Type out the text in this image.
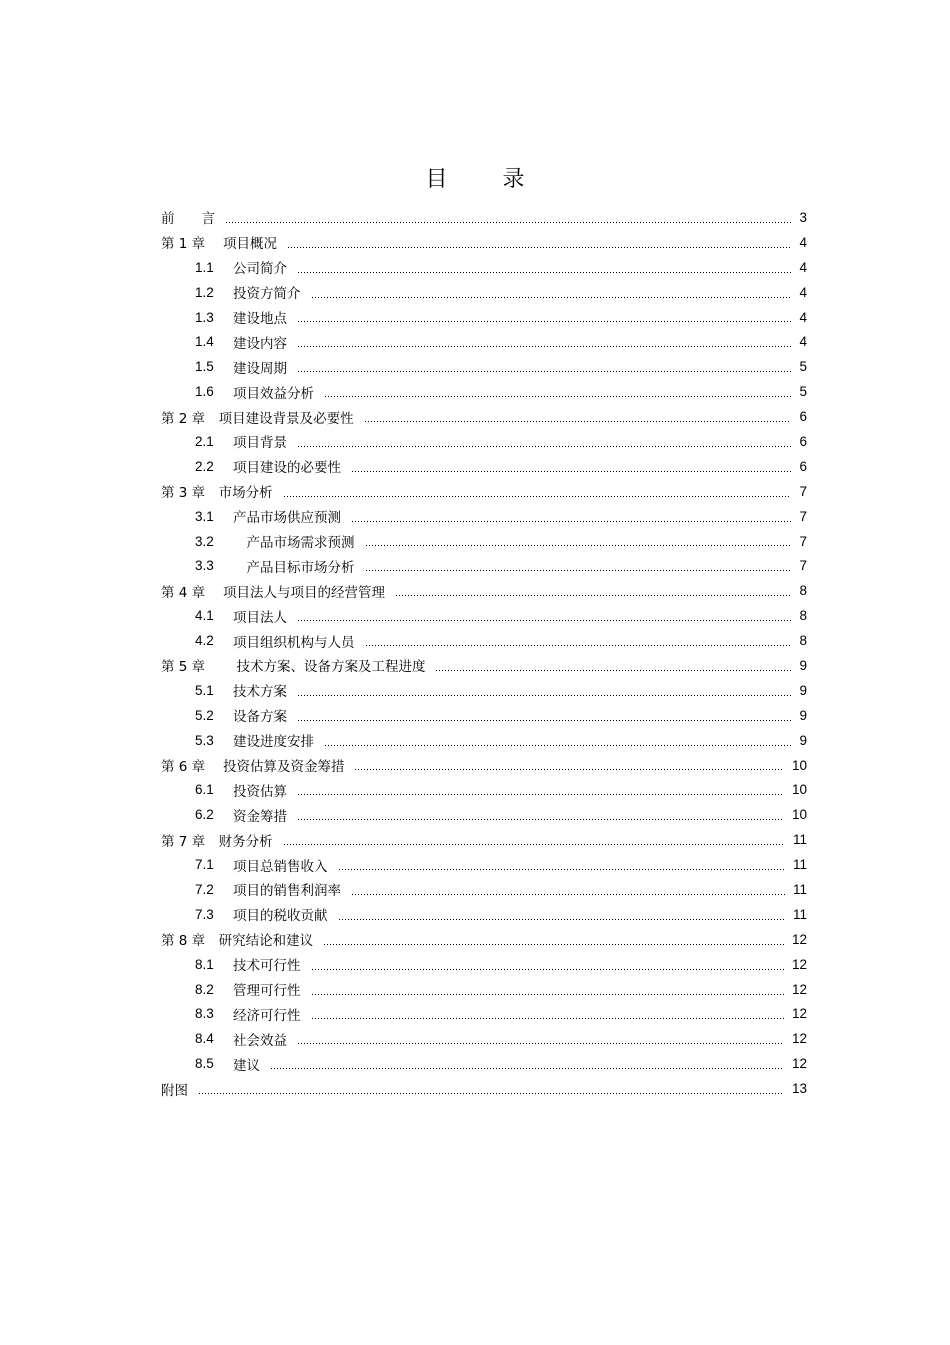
目 录
前　　言	3
第 1 章　 项目概况	4
1.1	公司简介	4
1.2	投资方简介	4
1.3	建设地点	4
1.4	建设内容	4
1.5	建设周期	5
1.6	项目效益分析	5
第 2 章　项目建设背景及必要性	6
2.1	项目背景	6
2.2	项目建设的必要性	6
第 3 章　市场分析	7
3.1	产品市场供应预测	7
3.2	　产品市场需求预测	7
3.3	　产品目标市场分析	7
第 4 章　 项目法人与项目的经营管理	8
4.1	项目法人	8
4.2	项目组织机构与人员	8
第 5 章　　 技术方案、设备方案及工程进度	9
5.1	技术方案	9
5.2	设备方案	9
5.3	建设进度安排	9
第 6 章　 投资估算及资金筹措	10
6.1	投资估算	10
6.2	资金筹措	10
第 7 章　财务分析	11
7.1	项目总销售收入	11
7.2	项目的销售利润率	11
7.3	项目的税收贡献	11
第 8 章　研究结论和建议	12
8.1	技术可行性	12
8.2	管理可行性	12
8.3	经济可行性	12
8.4	社会效益	12
8.5	建议	12
附图	13
